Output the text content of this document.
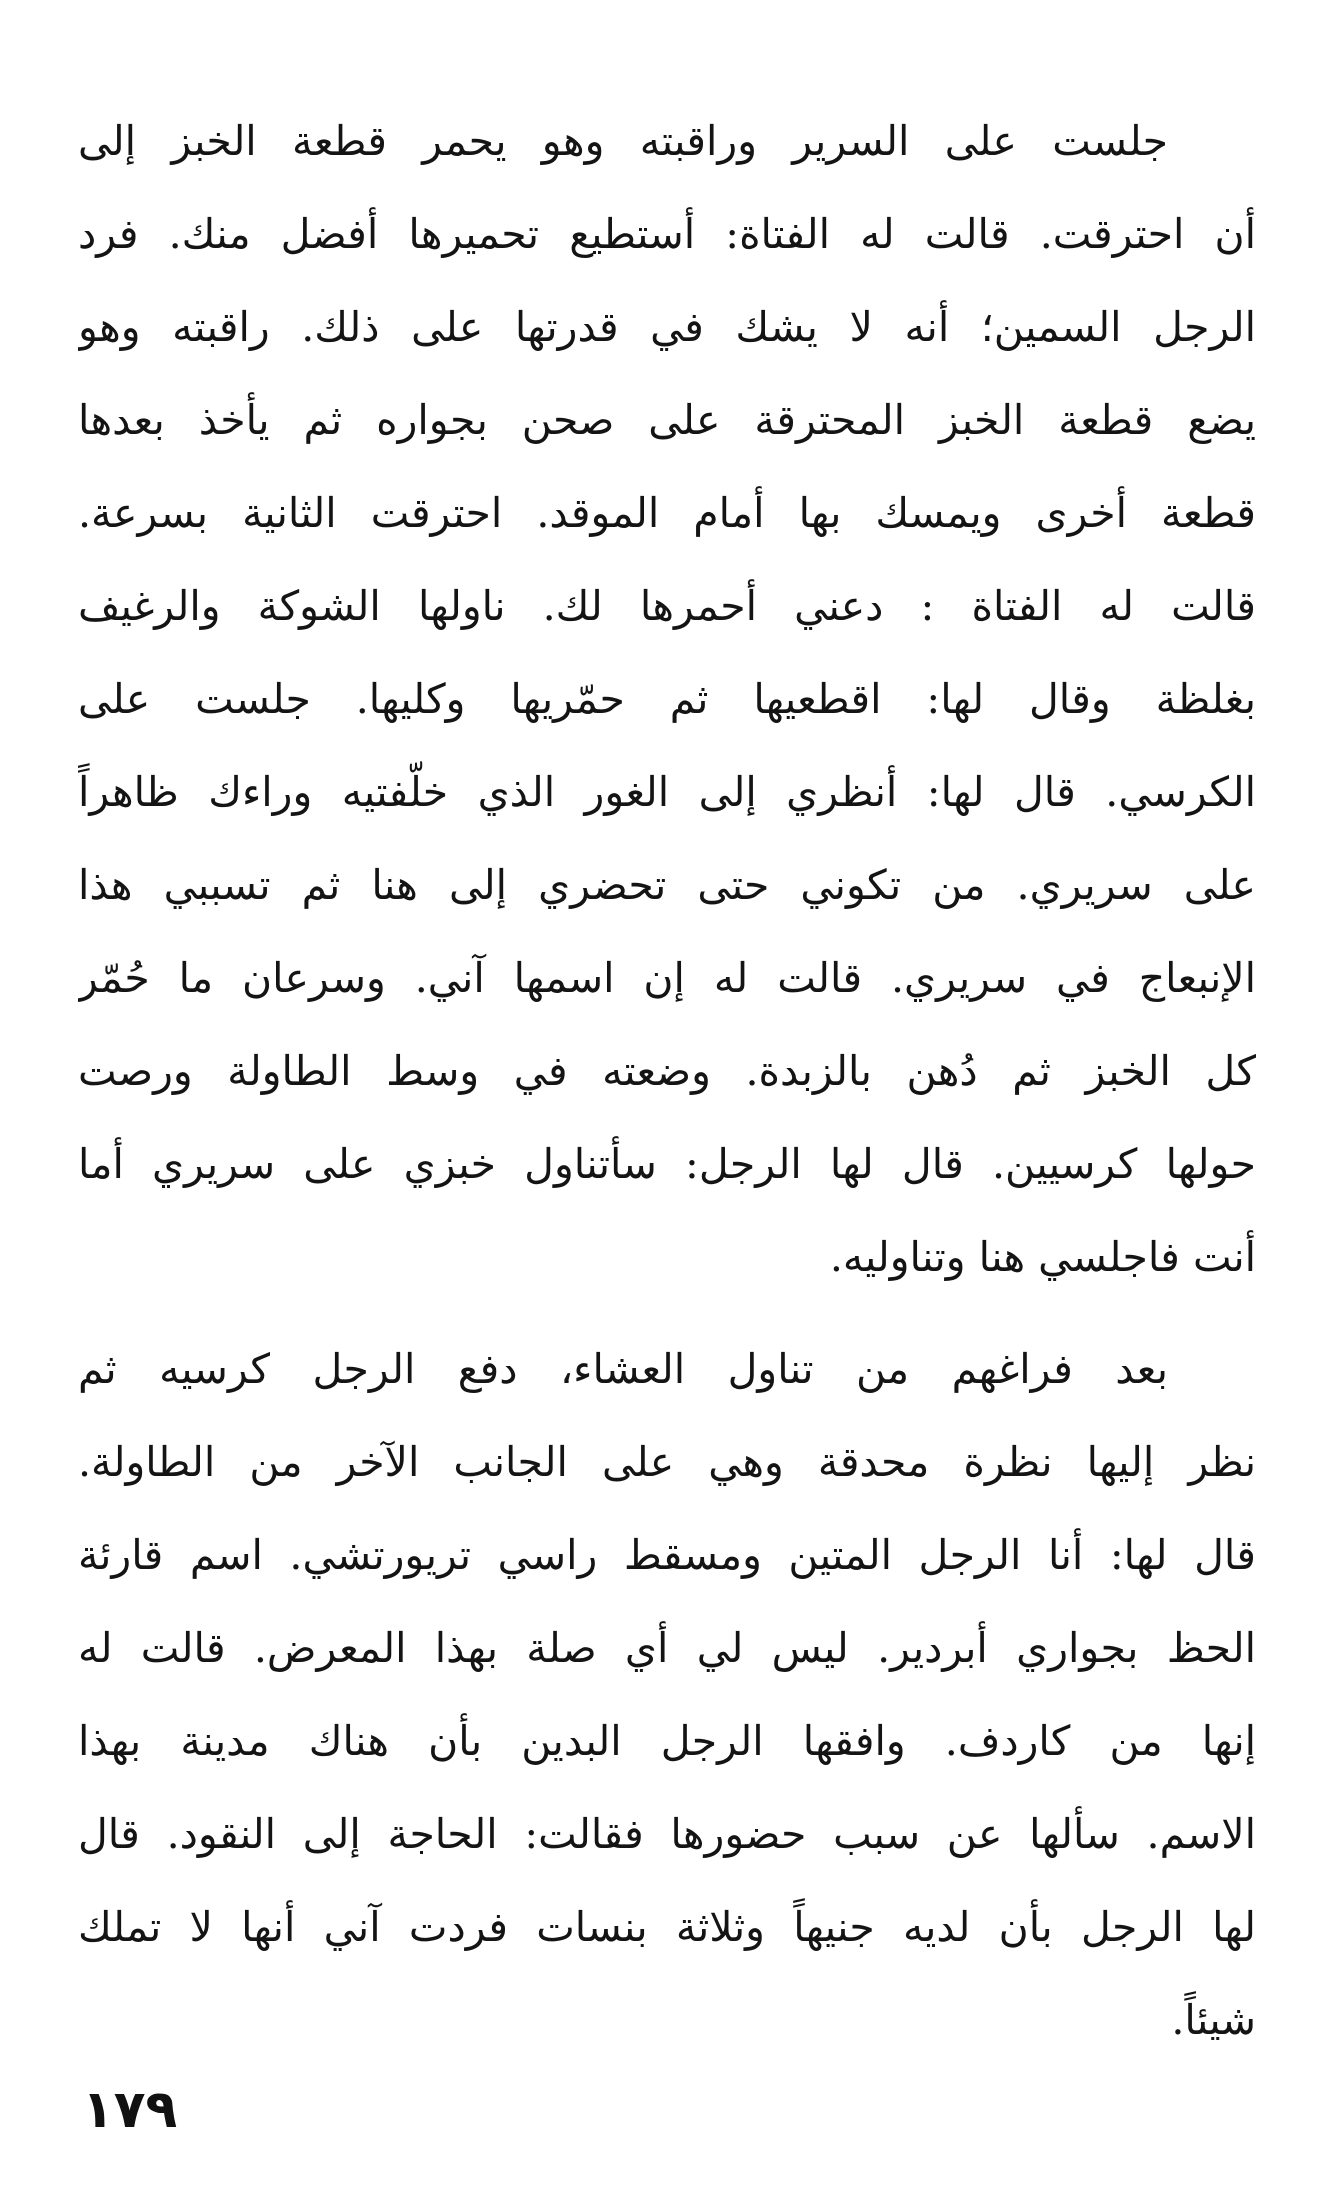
جلست على السرير وراقبته وهو يحمر قطعة الخبز إلى
أن احترقت. قالت له الفتاة: أستطيع تحميرها أفضل منك. فرد
الرجل السمين؛ أنه لا يشك في قدرتها على ذلك. راقبته وهو
يضع قطعة الخبز المحترقة على صحن بجواره ثم يأخذ بعدها
قطعة أخرى ويمسك بها أمام الموقد. احترقت الثانية بسرعة.
قالت له الفتاة : دعني أحمرها لك. ناولها الشوكة والرغيف
بغلظة وقال لها: اقطعيها ثم حمّريها وكليها. جلست على
الكرسي. قال لها: أنظري إلى الغور الذي خلّفتيه وراءك ظاهراً
على سريري. من تكوني حتى تحضري إلى هنا ثم تسببي هذا
الإنبعاج في سريري. قالت له إن اسمها آني. وسرعان ما حُمّر
كل الخبز ثم دُهن بالزبدة. وضعته في وسط الطاولة ورصت
حولها كرسيين. قال لها الرجل: سأتناول خبزي على سريري أما
أنت فاجلسي هنا وتناوليه.
بعد فراغهم من تناول العشاء، دفع الرجل كرسيه ثم
نظر إليها نظرة محدقة وهي على الجانب الآخر من الطاولة.
قال لها: أنا الرجل المتين ومسقط راسي تريورتشي. اسم قارئة
الحظ بجواري أبردير. ليس لي أي صلة بهذا المعرض. قالت له
إنها من كاردف. وافقها الرجل البدين بأن هناك مدينة بهذا
الاسم. سألها عن سبب حضورها فقالت: الحاجة إلى النقود. قال
لها الرجل بأن لديه جنيهاً وثلاثة بنسات فردت آني أنها لا تملك
شيئاً.
١٧٩
